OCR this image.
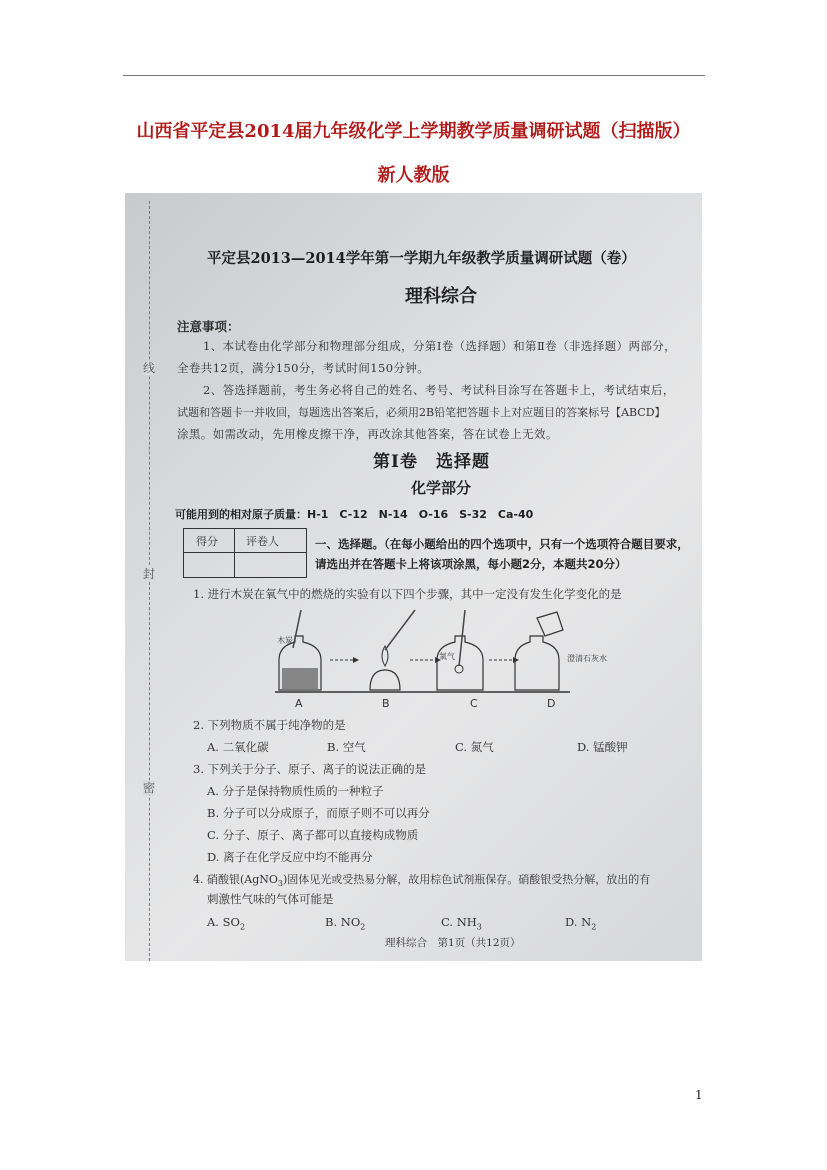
山西省平定县2014届九年级化学上学期教学质量调研试题（扫描版）
新人教版
线
封
密
平定县2013—2014学年第一学期九年级教学质量调研试题（卷）
理科综合
注意事项：
1、本试卷由化学部分和物理部分组成，分第Ⅰ卷（选择题）和第Ⅱ卷（非选择题）两部分，
全卷共12页，满分150分，考试时间150分钟。
2、答选择题前，考生务必将自己的姓名、考号、考试科目涂写在答题卡上，考试结束后，
试题和答题卡一并收回，每题选出答案后，必须用2B铅笔把答题卡上对应题目的答案标号【ABCD】
涂黑。如需改动，先用橡皮擦干净，再改涂其他答案，答在试卷上无效。
第Ⅰ卷　选择题
化学部分
可能用到的相对原子质量：H-1　C-12　N-14　O-16　S-32　Ca-40
得分	评卷人	一、选择题。（在每小题给出的四个选项中，只有一个选项符合题目要求，
请选出并在答题卡上将该项涂黑，每小题2分，本题共20分）
1. 进行木炭在氧气中的燃烧的实验有以下四个步骤，其中一定没有发生化学变化的是
木炭
氧气	澄清石灰水
A	B	C	D
2. 下列物质不属于纯净物的是
A. 二氧化碳	B. 空气	C. 氮气	D. 锰酸钾
3. 下列关于分子、原子、离子的说法正确的是
A. 分子是保持物质性质的一种粒子
B. 分子可以分成原子，而原子则不可以再分
C. 分子、原子、离子都可以直接构成物质
D. 离子在化学反应中均不能再分
4. 硝酸银(AgNO$_3$)固体见光或受热易分解，故用棕色试剂瓶保存。硝酸银受热分解，放出的有
刺激性气味的气体可能是
A. $SO_2$	B. $NO_2$	C. $NH_3$	D. $N_2$
理科综合　第1页（共12页）
1
